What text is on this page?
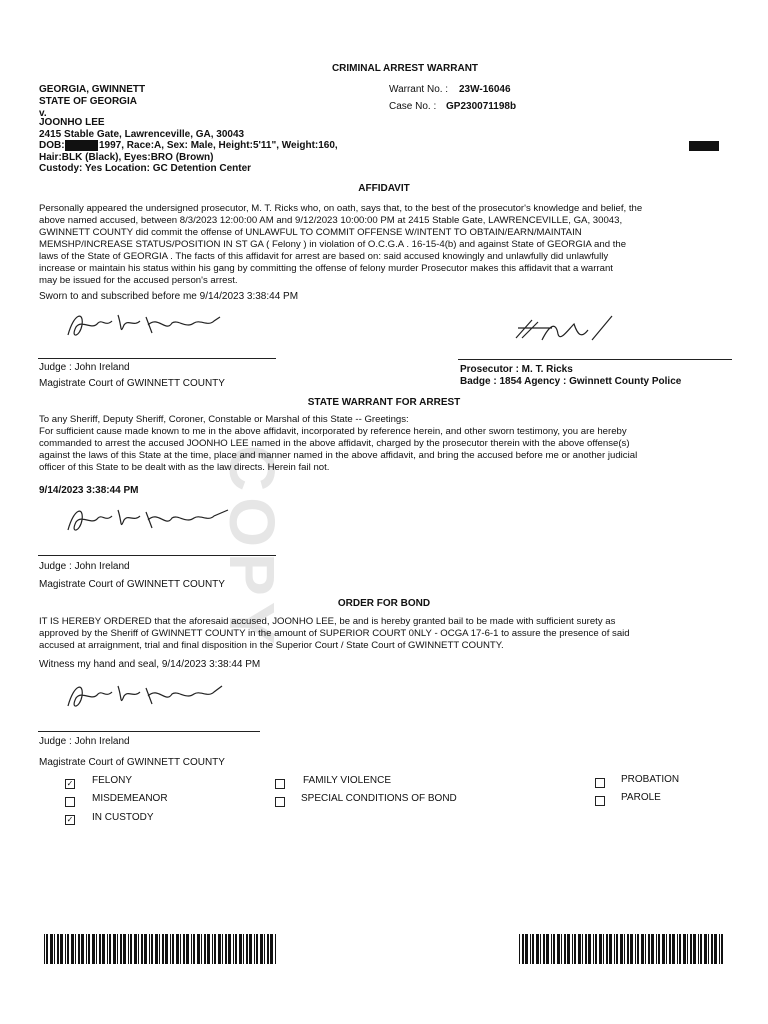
COPY
CRIMINAL ARREST WARRANT
GEORGIA, GWINNETT
STATE OF GEORGIA
v.
JOONHO LEE
2415 Stable Gate, Lawrenceville, GA, 30043
DOB:	1997, Race:A, Sex: Male, Height:5'11", Weight:160,
Hair:BLK (Black), Eyes:BRO (Brown)
Custody: Yes Location: GC Detention Center
Warrant No. : 23W-16046
Case No. : GP230071198b
AFFIDAVIT
Personally appeared the undersigned prosecutor, M. T. Ricks who, on oath, says that, to the best of the prosecutor's knowledge and belief, the
above named accused, between 8/3/2023 12:00:00 AM and 9/12/2023 10:00:00 PM at 2415 Stable Gate, LAWRENCEVILLE, GA, 30043,
GWINNETT COUNTY did commit the offense of UNLAWFUL TO COMMIT OFFENSE W/INTENT TO OBTAIN/EARN/MAINTAIN
MEMSHP/INCREASE STATUS/POSITION IN ST GA ( Felony ) in violation of O.C.G.A . 16-15-4(b) and against State of GEORGIA and the
laws of the State of GEORGIA . The facts of this affidavit for arrest are based on: said accused knowingly and unlawfully did unlawfully
increase or maintain his status within his gang by committing the offense of felony murder Prosecutor makes this affidavit that a warrant
may be issued for the accused person's arrest.
Sworn to and subscribed before me 9/14/2023 3:38:44 PM
Judge : John Ireland
Magistrate Court of GWINNETT COUNTY
Prosecutor : M. T. Ricks
Badge : 1854 Agency : Gwinnett County Police
STATE WARRANT FOR ARREST
To any Sheriff, Deputy Sheriff, Coroner, Constable or Marshal of this State -- Greetings:
For sufficient cause made known to me in the above affidavit, incorporated by reference herein, and other sworn testimony, you are hereby
commanded to arrest the accused JOONHO LEE named in the above affidavit, charged by the prosecutor therein with the above offense(s)
against the laws of this State at the time, place and manner named in the above affidavit, and bring the accused before me or another judicial
officer of this State to be dealt with as the law directs. Herein fail not.
9/14/2023 3:38:44 PM
Judge : John Ireland
Magistrate Court of GWINNETT COUNTY
ORDER FOR BOND
IT IS HEREBY ORDERED that the aforesaid accused, JOONHO LEE, be and is hereby granted bail to be made with sufficient surety as
approved by the Sheriff of GWINNETT COUNTY in the amount of SUPERIOR COURT 0NLY - OCGA 17-6-1 to assure the presence of said
accused at arraignment, trial and final disposition in the Superior Court / State Court of GWINNETT COUNTY.
Witness my hand and seal, 9/14/2023 3:38:44 PM
Judge : John Ireland
Magistrate Court of GWINNETT COUNTY
✓ FELONY
MISDEMEANOR
✓ IN CUSTODY
FAMILY VIOLENCE
SPECIAL CONDITIONS OF BOND
PROBATION
PAROLE
